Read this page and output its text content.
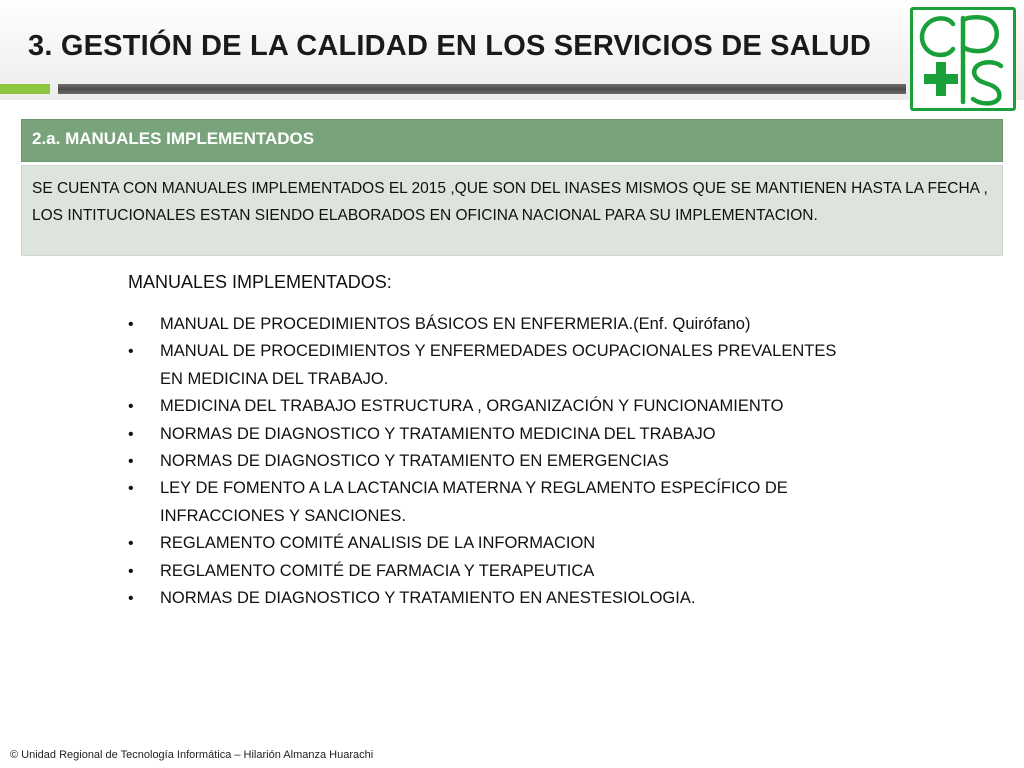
3. GESTIÓN DE LA CALIDAD EN LOS SERVICIOS DE SALUD
2.a. MANUALES IMPLEMENTADOS

SE CUENTA CON MANUALES IMPLEMENTADOS EL 2015 ,QUE SON DEL INASES MISMOS QUE SE MANTIENEN HASTA LA FECHA , LOS INTITUCIONALES ESTAN SIENDO ELABORADOS EN OFICINA NACIONAL PARA SU IMPLEMENTACION.

MANUALES IMPLEMENTADOS:
• MANUAL DE PROCEDIMIENTOS BÁSICOS EN ENFERMERIA.(Enf. Quirófano)
• MANUAL DE PROCEDIMIENTOS Y ENFERMEDADES OCUPACIONALES PREVALENTES EN MEDICINA DEL TRABAJO.
• MEDICINA DEL TRABAJO ESTRUCTURA , ORGANIZACIÓN Y FUNCIONAMIENTO
• NORMAS DE DIAGNOSTICO Y TRATAMIENTO MEDICINA DEL TRABAJO
• NORMAS DE DIAGNOSTICO Y TRATAMIENTO EN EMERGENCIAS
• LEY DE FOMENTO A LA LACTANCIA MATERNA Y REGLAMENTO ESPECÍFICO DE INFRACCIONES Y SANCIONES.
• REGLAMENTO COMITÉ ANALISIS DE LA INFORMACION
• REGLAMENTO COMITÉ DE FARMACIA Y TERAPEUTICA
• NORMAS DE DIAGNOSTICO Y TRATAMIENTO EN ANESTESIOLOGIA.

© Unidad Regional de Tecnología Informática – Hilarión Almanza Huarachi
